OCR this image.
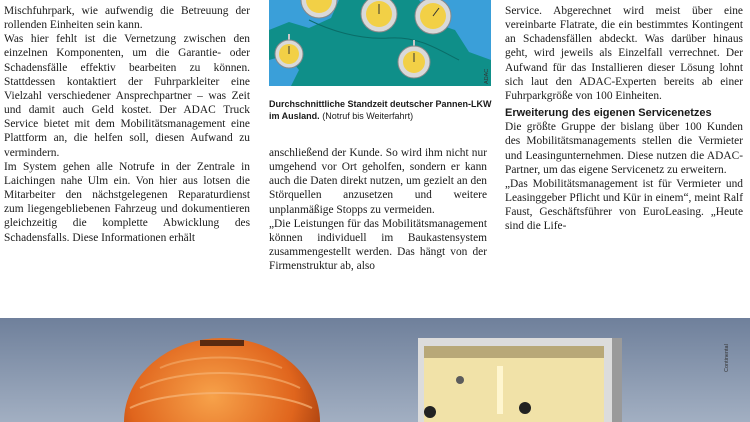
Mischfuhrpark, wie aufwendig die Betreuung der rollenden Einheiten sein kann.

Was hier fehlt ist die Vernetzung zwischen den einzelnen Komponenten, um die Garantie- oder Schadensfälle effektiv bearbeiten zu können. Stattdessen kontaktiert der Fuhrparkleiter eine Vielzahl verschiedener Ansprechpartner – was Zeit und damit auch Geld kostet. Der ADAC Truck Service bietet mit dem Mobilitätsmanagement eine Plattform an, die helfen soll, diesen Aufwand zu vermindern.

Im System gehen alle Notrufe in der Zentrale in Laichingen nahe Ulm ein. Von hier aus lotsen die Mitarbeiter den nächstgelegenen Reparaturdienst zum liegengebliebenen Fahrzeug und dokumentieren gleichzeitig die komplette Abwicklung des Schadensfalls. Diese Informationen erhält

ADAC
Durchschnittliche Standzeit deutscher Pannen-LKW im Ausland. (Notruf bis Weiterfahrt)

anschließend der Kunde. So wird ihm nicht nur umgehend vor Ort geholfen, sondern er kann auch die Daten direkt nutzen, um gezielt an den Störquellen anzusetzen und weitere unplanmäßige Stopps zu vermeiden.

„Die Leistungen für das Mobilitätsmanagement können individuell im Baukastensystem zusammengestellt werden. Das hängt von der Firmenstruktur ab, also

Service. Abgerechnet wird meist über eine vereinbarte Flatrate, die ein bestimmtes Kontingent an Schadensfällen abdeckt. Was darüber hinaus geht, wird jeweils als Einzelfall verrechnet. Der Aufwand für das Installieren dieser Lösung lohnt sich laut den ADAC-Experten bereits ab einer Fuhrparkgröße von 100 Einheiten.

Erweiterung des eigenen Servicenetzes

Die größte Gruppe der bislang über 100 Kunden des Mobilitätsmanagements stellen die Vermieter und Leasingunternehmen. Diese nutzen die ADAC-Partner, um das eigene Servicenetz zu erweitern.

„Das Mobilitätsmanagement ist für Vermieter und Leasinggeber Pflicht und Kür in einem“, meint Ralf Faust, Geschäftsführer von EuroLeasing. „Heute sind die Life-

Continental
